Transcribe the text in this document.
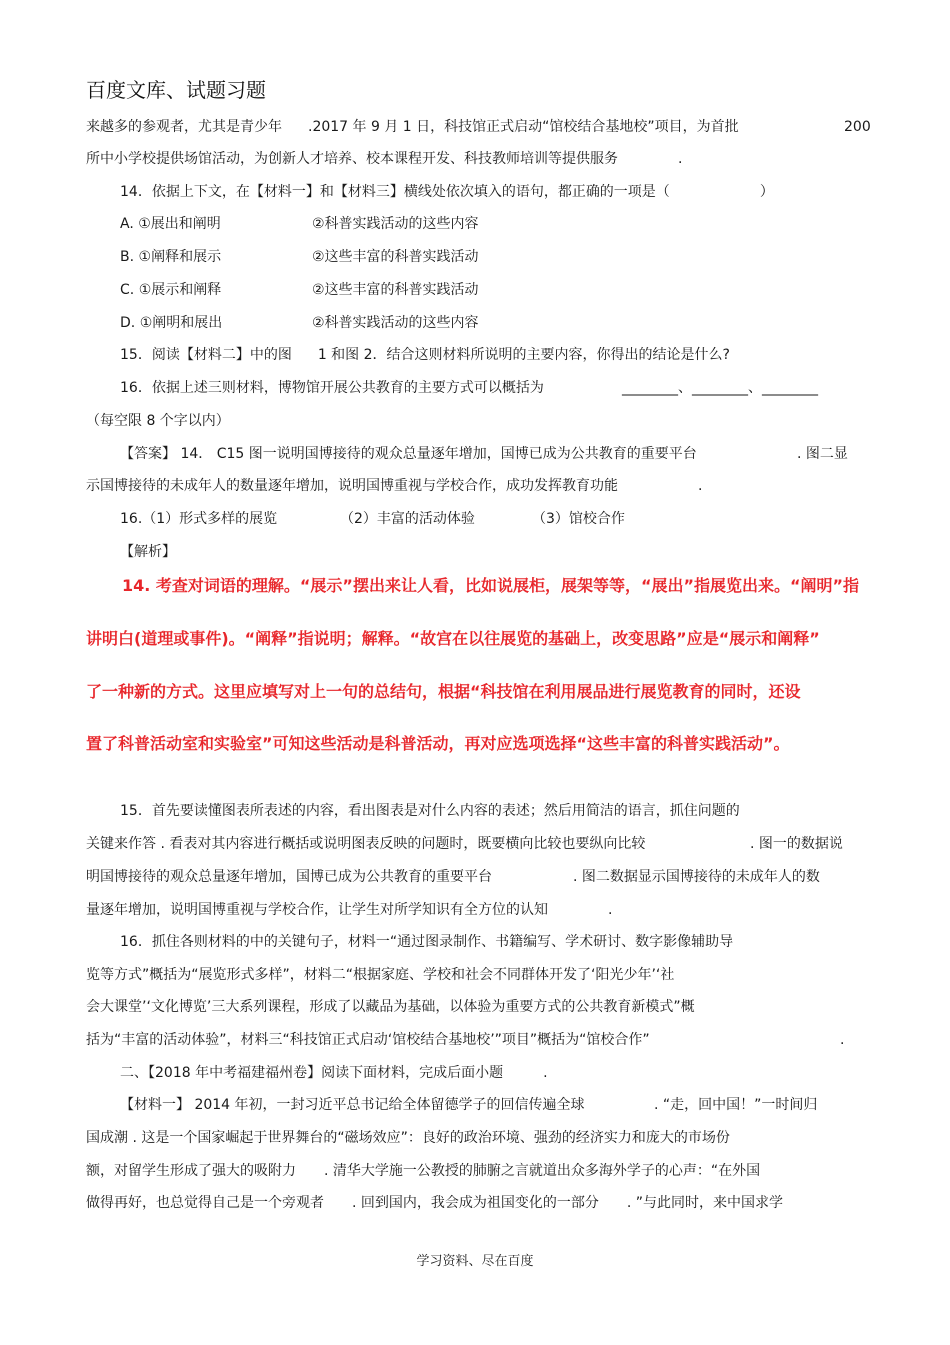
百度文库、试题习题
来越多的参观者，尤其是青少年 .2017 年 9 月 1 日，科技馆正式启动“馆校结合基地校”项目，为首批	200
所中小学校提供场馆活动，为创新人才培养、校本课程开发、科技教师培训等提供服务	.
14．依据上下文，在【材料一】和【材料三】横线处依次填入的语句，都正确的一项是（	）
A. ①展出和阐明	②科普实践活动的这些内容
B. ①阐释和展示	②这些丰富的科普实践活动
C. ①展示和阐释	②这些丰富的科普实践活动
D. ①阐明和展出	②科普实践活动的这些内容
15．阅读【材料二】中的图 1 和图 2．结合这则材料所说明的主要内容，你得出的结论是什么?
16．依据上述三则材料，博物馆开展公共教育的主要方式可以概括为	________、________、________
（每空限 8 个字以内）
【答案】 14． C15 图一说明国博接待的观众总量逐年增加，国博已成为公共教育的重要平台	. 图二显
示国博接待的未成年人的数量逐年增加，说明国博重视与学校合作，成功发挥教育功能	.
16.（1）形式多样的展览	（2）丰富的活动体验	（3）馆校合作
【解析】
14. 考查对词语的理解。“展示”摆出来让人看，比如说展柜，展架等等，“展出”指展览出来。“阐明”指
讲明白(道理或事件)。“阐释”指说明；解释。“故宫在以往展览的基础上，改变思路”应是“展示和阐释”
了一种新的方式。这里应填写对上一句的总结句，根据“科技馆在利用展品进行展览教育的同时，还设
置了科普活动室和实验室”可知这些活动是科普活动，再对应选项选择“这些丰富的科普实践活动”。
15．首先要读懂图表所表述的内容，看出图表是对什么内容的表述；然后用简洁的语言，抓住问题的
关键来作答 . 看表对其内容进行概括或说明图表反映的问题时，既要横向比较也要纵向比较	. 图一的数据说
明国博接待的观众总量逐年增加，国博已成为公共教育的重要平台	. 图二数据显示国博接待的未成年人的数
量逐年增加，说明国博重视与学校合作，让学生对所学知识有全方位的认知	.
16．抓住各则材料的中的关键句子，材料一“通过图录制作、书籍编写、学术研讨、数字影像辅助导
览等方式”概括为“展览形式多样”，材料二“根据家庭、学校和社会不同群体开发了‘阳光少年’‘社
会大课堂’‘文化博览’三大系列课程，形成了以藏品为基础，以体验为重要方式的公共教育新模式”概
括为“丰富的活动体验”，材料三“科技馆正式启动‘馆校结合基地校’”项目”概括为“馆校合作”	.
二、【2018 年中考福建福州卷】阅读下面材料，完成后面小题	.
【材料一】 2014 年初，一封习近平总书记给全体留德学子的回信传遍全球	. “走，回中国！”一时间归
国成潮 . 这是一个国家崛起于世界舞台的“磁场效应”：良好的政治环境、强劲的经济实力和庞大的市场份
额，对留学生形成了强大的吸附力 . 清华大学施一公教授的肺腑之言就道出众多海外学子的心声：“在外国
做得再好，也总觉得自己是一个旁观者 . 回到国内，我会成为祖国变化的一部分 . ”与此同时，来中国求学
学习资料、尽在百度
